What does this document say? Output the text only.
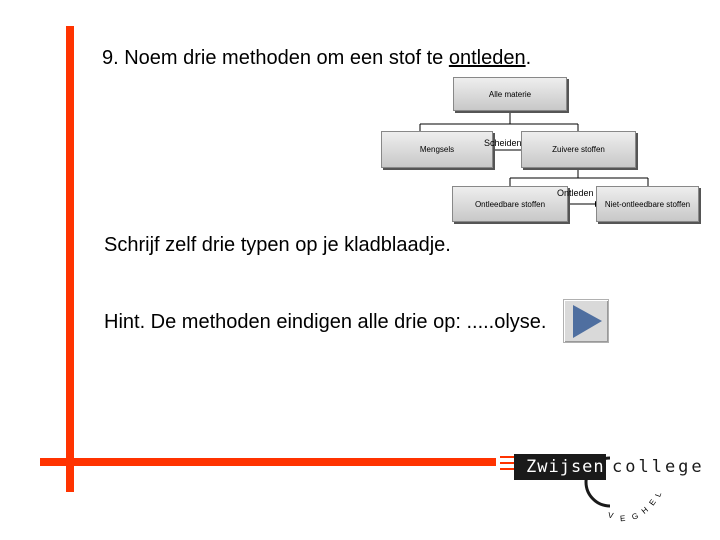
9. Noem drie methoden om een stof te ontleden.
Alle materie
Mengsels	Zuivere stoffen
Ontleedbare stoffen	Niet-ontleedbare stoffen
Scheiden
Ontleden
Schrijf zelf drie typen op je kladblaadje.
Hint. De methoden eindigen alle drie op: .....olyse.
Zwijsen college
V E G
H
E
L
